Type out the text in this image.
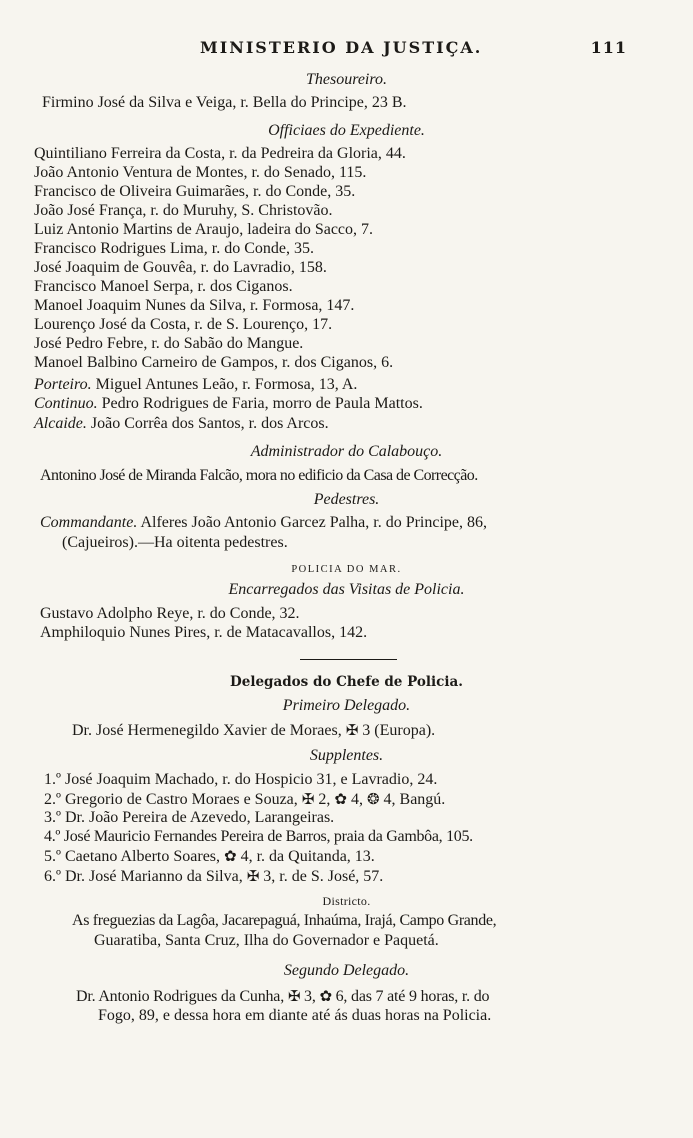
MINISTERIO DA JUSTIÇA.	111
Thesoureiro.
Firmino José da Silva e Veiga, r. Bella do Principe, 23 B.
Officiaes do Expediente.
Quintiliano Ferreira da Costa, r. da Pedreira da Gloria, 44.
João Antonio Ventura de Montes, r. do Senado, 115.
Francisco de Oliveira Guimarães, r. do Conde, 35.
João José França, r. do Muruhy, S. Christovão.
Luiz Antonio Martins de Araujo, ladeira do Sacco, 7.
Francisco Rodrigues Lima, r. do Conde, 35.
José Joaquim de Gouvêa, r. do Lavradio, 158.
Francisco Manoel Serpa, r. dos Ciganos.
Manoel Joaquim Nunes da Silva, r. Formosa, 147.
Lourenço José da Costa, r. de S. Lourenço, 17.
José Pedro Febre, r. do Sabão do Mangue.
Manoel Balbino Carneiro de Gampos, r. dos Ciganos, 6.
Porteiro. Miguel Antunes Leão, r. Formosa, 13, A.
Continuo. Pedro Rodrigues de Faria, morro de Paula Mattos.
Alcaide. João Corrêa dos Santos, r. dos Arcos.
Administrador do Calabouço.
Antonino José de Miranda Falcão, mora no edificio da Casa de Correcção.
Pedestres.
Commandante. Alferes João Antonio Garcez Palha, r. do Principe, 86,
(Cajueiros).—Ha oitenta pedestres.
POLICIA DO MAR.
Encarregados das Visitas de Policia.
Gustavo Adolpho Reye, r. do Conde, 32.
Amphiloquio Nunes Pires, r. de Matacavallos, 142.
Delegados do Chefe de Policia.
Primeiro Delegado.
Dr. José Hermenegildo Xavier de Moraes, ✠ 3 (Europa).
Supplentes.
1.º José Joaquim Machado, r. do Hospicio 31, e Lavradio, 24.
2.º Gregorio de Castro Moraes e Souza, ✠ 2, ✿ 4, ❂ 4, Bangú.
3.º Dr. João Pereira de Azevedo, Larangeiras.
4.º José Mauricio Fernandes Pereira de Barros, praia da Gambôa, 105.
5.º Caetano Alberto Soares, ✿ 4, r. da Quitanda, 13.
6.º Dr. José Marianno da Silva, ✠ 3, r. de S. José, 57.
Districto.
As freguezias da Lagôa, Jacarepaguá, Inhaúma, Irajá, Campo Grande,
Guaratiba, Santa Cruz, Ilha do Governador e Paquetá.
Segundo Delegado.
Dr. Antonio Rodrigues da Cunha, ✠ 3, ✿ 6, das 7 até 9 horas, r. do
Fogo, 89, e dessa hora em diante até ás duas horas na Policia.
